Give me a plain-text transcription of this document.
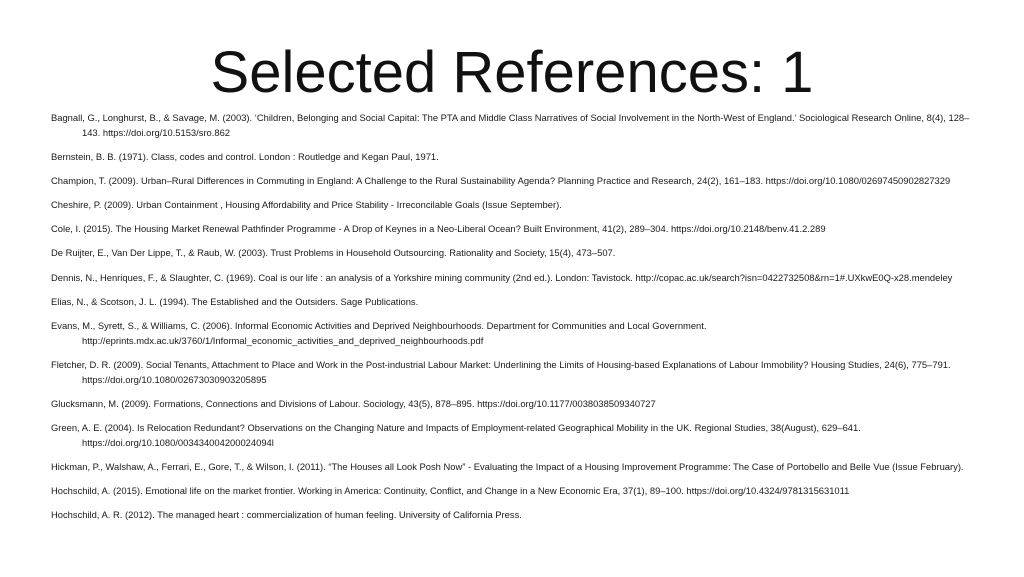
Selected References: 1
Bagnall, G., Longhurst, B., & Savage, M. (2003). ‘Children, Belonging and Social Capital: The PTA and Middle Class Narratives of Social Involvement in the North-West of England.’ Sociological Research Online, 8(4), 128–143. https://doi.org/10.5153/sro.862
Bernstein, B. B. (1971). Class, codes and control. London : Routledge and Kegan Paul, 1971.
Champion, T. (2009). Urban–Rural Differences in Commuting in England: A Challenge to the Rural Sustainability Agenda? Planning Practice and Research, 24(2), 161–183. https://doi.org/10.1080/02697450902827329
Cheshire, P. (2009). Urban Containment , Housing Affordability and Price Stability - Irreconcilable Goals (Issue September).
Cole, I. (2015). The Housing Market Renewal Pathfinder Programme - A Drop of Keynes in a Neo-Liberal Ocean? Built Environment, 41(2), 289–304. https://doi.org/10.2148/benv.41.2.289
De Ruijter, E., Van Der Lippe, T., & Raub, W. (2003). Trust Problems in Household Outsourcing. Rationality and Society, 15(4), 473–507.
Dennis, N., Henriques, F., & Slaughter, C. (1969). Coal is our life : an analysis of a Yorkshire mining community (2nd ed.). London: Tavistock. http://copac.ac.uk/search?isn=0422732508&rn=1#.UXkwE0Q-x28.mendeley
Elias, N., & Scotson, J. L. (1994). The Established and the Outsiders. Sage Publications.
Evans, M., Syrett, S., & Williams, C. (2006). Informal Economic Activities and Deprived Neighbourhoods. Department for Communities and Local Government. http://eprints.mdx.ac.uk/3760/1/Informal_economic_activities_and_deprived_neighbourhoods.pdf
Fletcher, D. R. (2009). Social Tenants, Attachment to Place and Work in the Post-industrial Labour Market: Underlining the Limits of Housing-based Explanations of Labour Immobility? Housing Studies, 24(6), 775–791. https://doi.org/10.1080/02673030903205895
Glucksmann, M. (2009). Formations, Connections and Divisions of Labour. Sociology, 43(5), 878–895. https://doi.org/10.1177/0038038509340727
Green, A. E. (2004). Is Relocation Redundant? Observations on the Changing Nature and Impacts of Employment-related Geographical Mobility in the UK. Regional Studies, 38(August), 629–641. https://doi.org/10.1080/003434004200024094l
Hickman, P., Walshaw, A., Ferrari, E., Gore, T., & Wilson, I. (2011). “The Houses all Look Posh Now” - Evaluating the Impact of a Housing Improvement Programme: The Case of Portobello and Belle Vue (Issue February).
Hochschild, A. (2015). Emotional life on the market frontier. Working in America: Continuity, Conflict, and Change in a New Economic Era, 37(1), 89–100. https://doi.org/10.4324/9781315631011
Hochschild, A. R. (2012). The managed heart : commercialization of human feeling. University of California Press.
